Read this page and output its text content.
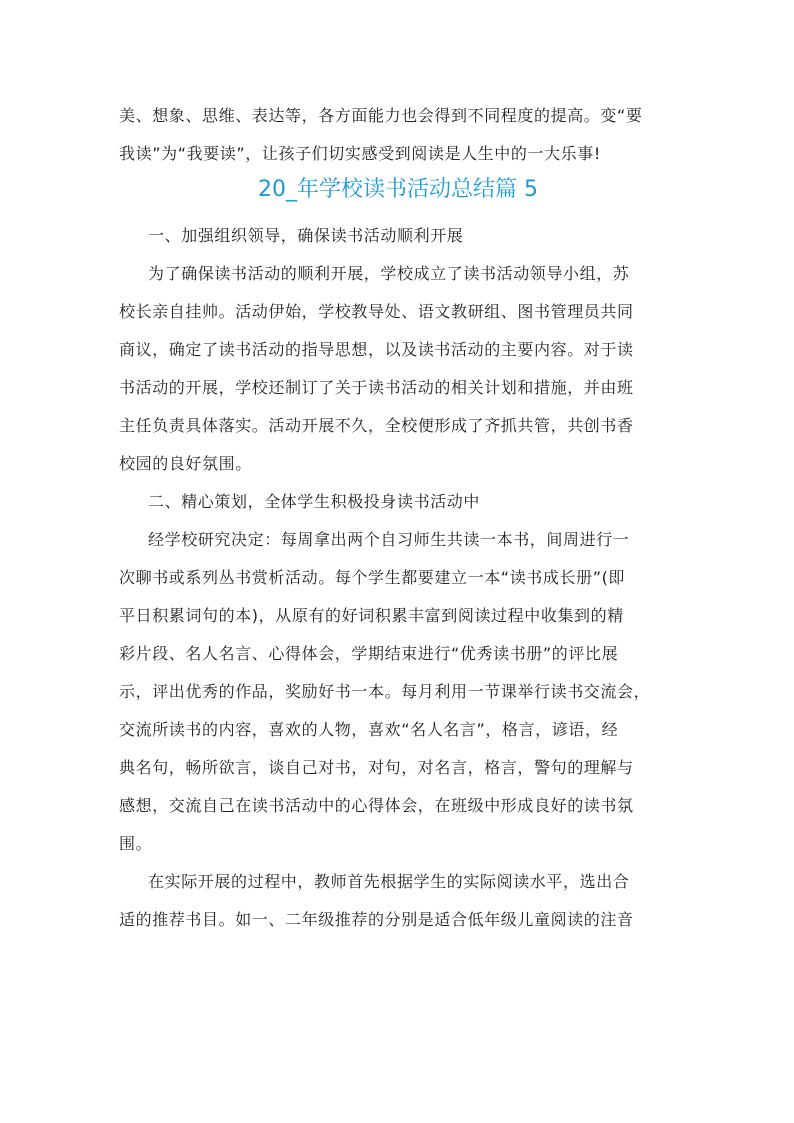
美、想象、思维、表达等，各方面能力也会得到不同程度的提高。变“要
我读”为“我要读”，让孩子们切实感受到阅读是人生中的一大乐事!
20_年学校读书活动总结篇 5
一、加强组织领导，确保读书活动顺利开展
为了确保读书活动的顺利开展，学校成立了读书活动领导小组，苏
校长亲自挂帅。活动伊始，学校教导处、语文教研组、图书管理员共同
商议，确定了读书活动的指导思想，以及读书活动的主要内容。对于读
书活动的开展，学校还制订了关于读书活动的相关计划和措施，并由班
主任负责具体落实。活动开展不久，全校便形成了齐抓共管，共创书香
校园的良好氛围。
二、精心策划，全体学生积极投身读书活动中
经学校研究决定：每周拿出两个自习师生共读一本书，间周进行一
次聊书或系列丛书赏析活动。每个学生都要建立一本“读书成长册”(即
平日积累词句的本)，从原有的好词积累丰富到阅读过程中收集到的精
彩片段、名人名言、心得体会，学期结束进行“优秀读书册”的评比展
示，评出优秀的作品，奖励好书一本。每月利用一节课举行读书交流会，
交流所读书的内容，喜欢的人物，喜欢“名人名言”，格言，谚语，经
典名句，畅所欲言，谈自己对书，对句，对名言，格言，警句的理解与
感想，交流自己在读书活动中的心得体会，在班级中形成良好的读书氛
围。
在实际开展的过程中，教师首先根据学生的实际阅读水平，选出合
适的推荐书目。如一、二年级推荐的分别是适合低年级儿童阅读的注音
